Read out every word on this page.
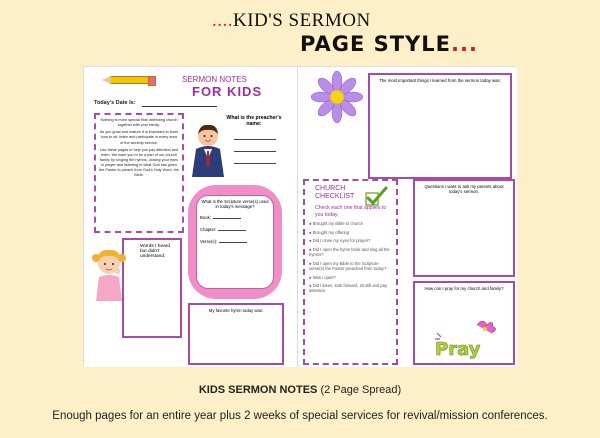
....KID'S SERMON
PAGE STYLE...
SERMON NOTES
FOR KIDS
Today's Date Is:

Nothing is more special than attending church together with your family.

As you grow and mature it is important to learn how to sit, listen and participate in every area of the worship service.

Use these pages to help you pay attention and learn. We want you to be a part of our church family by singing the hymns, closing your eyes in prayer and listening to what God has given the Pastor to preach from God's Holy Word, the Bible.

What is the preacher's name:
What is the Scripture verse(s) used in today's message?
Book:
Chapter:
Verse(s):
Words I heard but didn't understand.
My favorite hymn today was:
The most important things I learned from the sermon today was:
CHURCH
CHECKLIST
Check each one that applies to you today.
● Brought my Bible to church
● Brought my offering
● Did I close my eyes for prayer?
● Did I open the hymn book and sing all the hymns?
● Did I open my Bible to the Scripture verse(s) the Pastor preached from today?
● Was I quiet?
● Did I listen, look forward, sit still and pay attention
Questions I want to ask my parents about today's sermon.
How can I pray for my church and family?
Pray
KIDS SERMON NOTES (2 Page Spread)
Enough pages for an entire year plus 2 weeks of special services for revival/mission conferences.
